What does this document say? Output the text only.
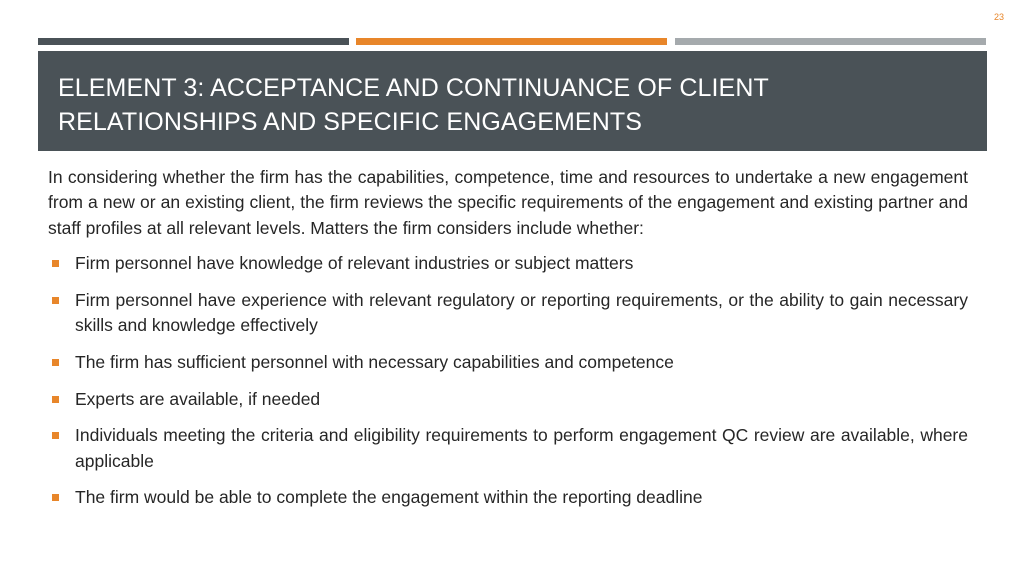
23
ELEMENT 3: ACCEPTANCE AND CONTINUANCE OF CLIENT
RELATIONSHIPS AND SPECIFIC ENGAGEMENTS

In considering whether the firm has the capabilities, competence, time and resources to undertake a new engagement from a new or an existing client, the firm reviews the specific requirements of the engagement and existing partner and staff profiles at all relevant levels. Matters the firm considers include whether:

Firm personnel have knowledge of relevant industries or subject matters
Firm personnel have experience with relevant regulatory or reporting requirements, or the ability to gain necessary skills and knowledge effectively
The firm has sufficient personnel with necessary capabilities and competence
Experts are available, if needed
Individuals meeting the criteria and eligibility requirements to perform engagement QC review are available, where applicable
The firm would be able to complete the engagement within the reporting deadline
